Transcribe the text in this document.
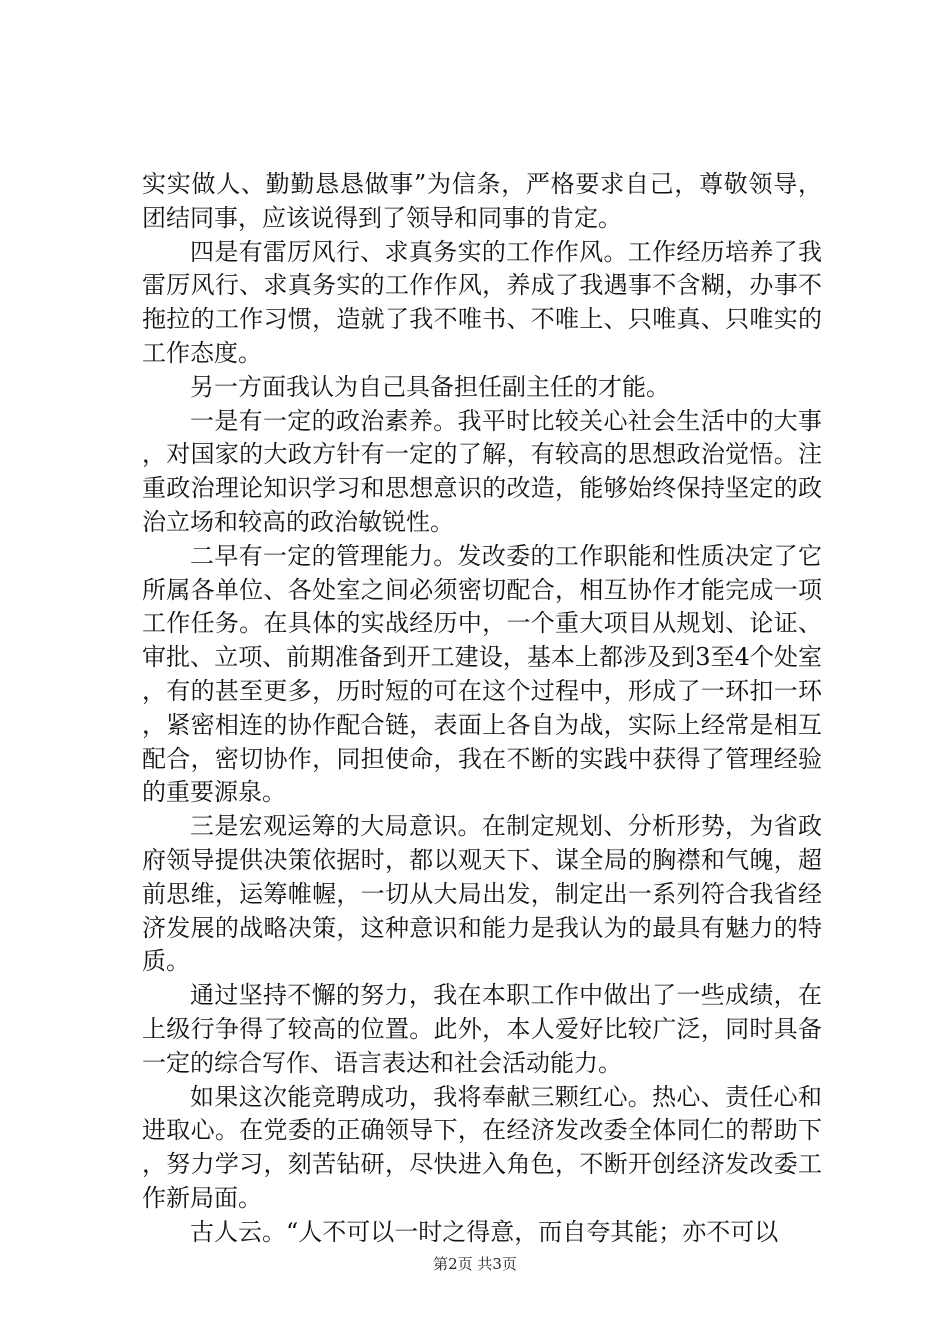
实实做人、勤勤恳恳做事”为信条，严格要求自己，尊敬领导，团结同事，应该说得到了领导和同事的肯定。

四是有雷厉风行、求真务实的工作作风。工作经历培养了我雷厉风行、求真务实的工作作风，养成了我遇事不含糊，办事不拖拉的工作习惯，造就了我不唯书、不唯上、只唯真、只唯实的工作态度。

另一方面我认为自己具备担任副主任的才能。

一是有一定的政治素养。我平时比较关心社会生活中的大事，对国家的大政方针有一定的了解，有较高的思想政治觉悟。注重政治理论知识学习和思想意识的改造，能够始终保持坚定的政治立场和较高的政治敏锐性。

二早有一定的管理能力。发改委的工作职能和性质决定了它所属各单位、各处室之间必须密切配合，相互协作才能完成一项工作任务。在具体的实战经历中，一个重大项目从规划、论证、审批、立项、前期准备到开工建设，基本上都涉及到3至4个处室，有的甚至更多，历时短的可在这个过程中，形成了一环扣一环，紧密相连的协作配合链，表面上各自为战，实际上经常是相互配合，密切协作，同担使命，我在不断的实践中获得了管理经验的重要源泉。

三是宏观运筹的大局意识。在制定规划、分析形势，为省政府领导提供决策依据时，都以观天下、谋全局的胸襟和气魄，超前思维，运筹帷幄，一切从大局出发，制定出一系列符合我省经济发展的战略决策，这种意识和能力是我认为的最具有魅力的特质。

通过坚持不懈的努力，我在本职工作中做出了一些成绩，在上级行争得了较高的位置。此外，本人爱好比较广泛，同时具备一定的综合写作、语言表达和社会活动能力。

如果这次能竞聘成功，我将奉献三颗红心。热心、责任心和进取心。在党委的正确领导下，在经济发改委全体同仁的帮助下，努力学习，刻苦钻研，尽快进入角色，不断开创经济发改委工作新局面。

古人云。“人不可以一时之得意，而自夸其能；亦不可以

第2页 共3页
